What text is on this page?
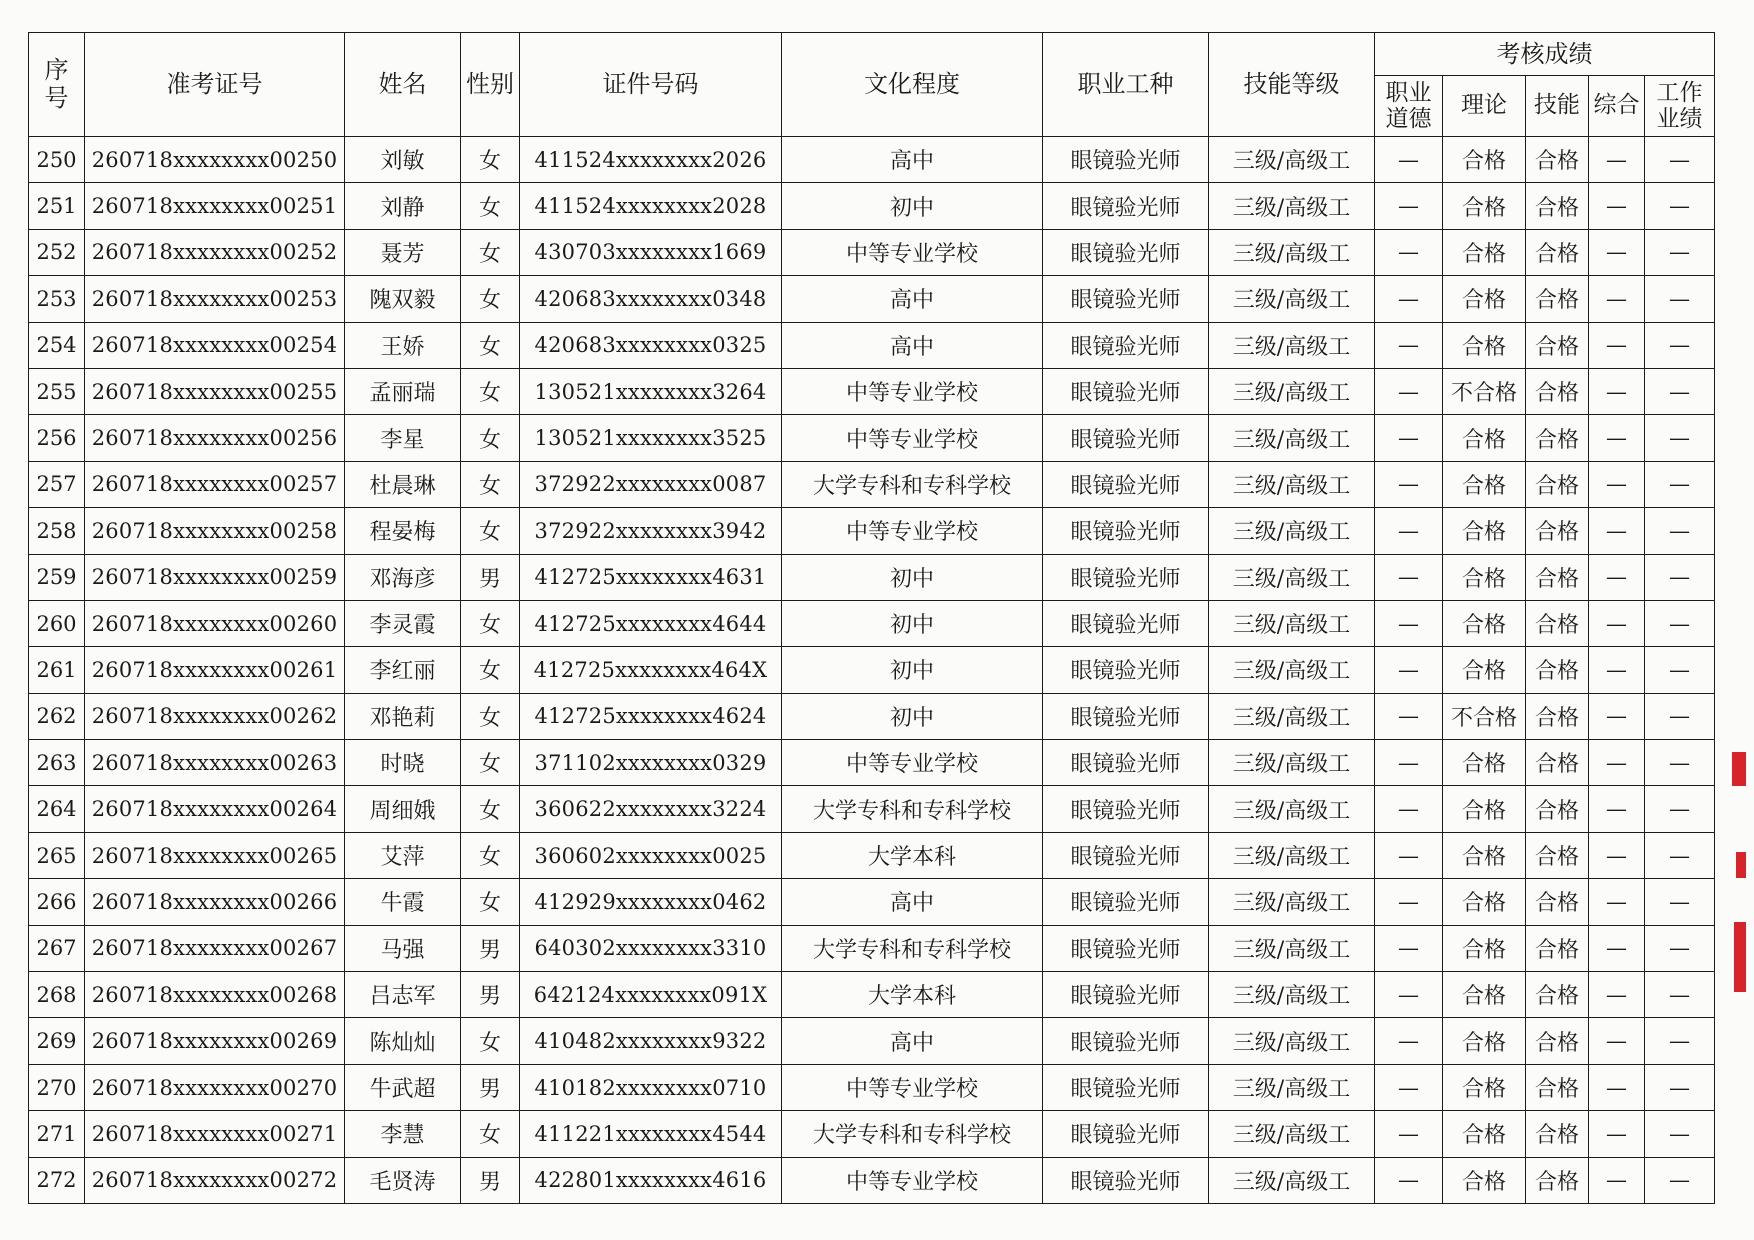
序号	准考证号	姓名	性别	证件号码	文化程度	职业工种	技能等级	考核成绩				
								职业道德	理论	技能	综合	工作业绩
250	260718xxxxxxxx00250	刘敏	女	411524xxxxxxxx2026	高中	眼镜验光师	三级/高级工	—	合格	合格	—	—
251	260718xxxxxxxx00251	刘静	女	411524xxxxxxxx2028	初中	眼镜验光师	三级/高级工	—	合格	合格	—	—
252	260718xxxxxxxx00252	聂芳	女	430703xxxxxxxx1669	中等专业学校	眼镜验光师	三级/高级工	—	合格	合格	—	—
253	260718xxxxxxxx00253	隗双毅	女	420683xxxxxxxx0348	高中	眼镜验光师	三级/高级工	—	合格	合格	—	—
254	260718xxxxxxxx00254	王娇	女	420683xxxxxxxx0325	高中	眼镜验光师	三级/高级工	—	合格	合格	—	—
255	260718xxxxxxxx00255	孟丽瑞	女	130521xxxxxxxx3264	中等专业学校	眼镜验光师	三级/高级工	—	不合格	合格	—	—
256	260718xxxxxxxx00256	李星	女	130521xxxxxxxx3525	中等专业学校	眼镜验光师	三级/高级工	—	合格	合格	—	—
257	260718xxxxxxxx00257	杜晨琳	女	372922xxxxxxxx0087	大学专科和专科学校	眼镜验光师	三级/高级工	—	合格	合格	—	—
258	260718xxxxxxxx00258	程晏梅	女	372922xxxxxxxx3942	中等专业学校	眼镜验光师	三级/高级工	—	合格	合格	—	—
259	260718xxxxxxxx00259	邓海彦	男	412725xxxxxxxx4631	初中	眼镜验光师	三级/高级工	—	合格	合格	—	—
260	260718xxxxxxxx00260	李灵霞	女	412725xxxxxxxx4644	初中	眼镜验光师	三级/高级工	—	合格	合格	—	—
261	260718xxxxxxxx00261	李红丽	女	412725xxxxxxxx464X	初中	眼镜验光师	三级/高级工	—	合格	合格	—	—
262	260718xxxxxxxx00262	邓艳莉	女	412725xxxxxxxx4624	初中	眼镜验光师	三级/高级工	—	不合格	合格	—	—
263	260718xxxxxxxx00263	时晓	女	371102xxxxxxxx0329	中等专业学校	眼镜验光师	三级/高级工	—	合格	合格	—	—
264	260718xxxxxxxx00264	周细娥	女	360622xxxxxxxx3224	大学专科和专科学校	眼镜验光师	三级/高级工	—	合格	合格	—	—
265	260718xxxxxxxx00265	艾萍	女	360602xxxxxxxx0025	大学本科	眼镜验光师	三级/高级工	—	合格	合格	—	—
266	260718xxxxxxxx00266	牛霞	女	412929xxxxxxxx0462	高中	眼镜验光师	三级/高级工	—	合格	合格	—	—
267	260718xxxxxxxx00267	马强	男	640302xxxxxxxx3310	大学专科和专科学校	眼镜验光师	三级/高级工	—	合格	合格	—	—
268	260718xxxxxxxx00268	吕志军	男	642124xxxxxxxx091X	大学本科	眼镜验光师	三级/高级工	—	合格	合格	—	—
269	260718xxxxxxxx00269	陈灿灿	女	410482xxxxxxxx9322	高中	眼镜验光师	三级/高级工	—	合格	合格	—	—
270	260718xxxxxxxx00270	牛武超	男	410182xxxxxxxx0710	中等专业学校	眼镜验光师	三级/高级工	—	合格	合格	—	—
271	260718xxxxxxxx00271	李慧	女	411221xxxxxxxx4544	大学专科和专科学校	眼镜验光师	三级/高级工	—	合格	合格	—	—
272	260718xxxxxxxx00272	毛贤涛	男	422801xxxxxxxx4616	中等专业学校	眼镜验光师	三级/高级工	—	合格	合格	—	—
